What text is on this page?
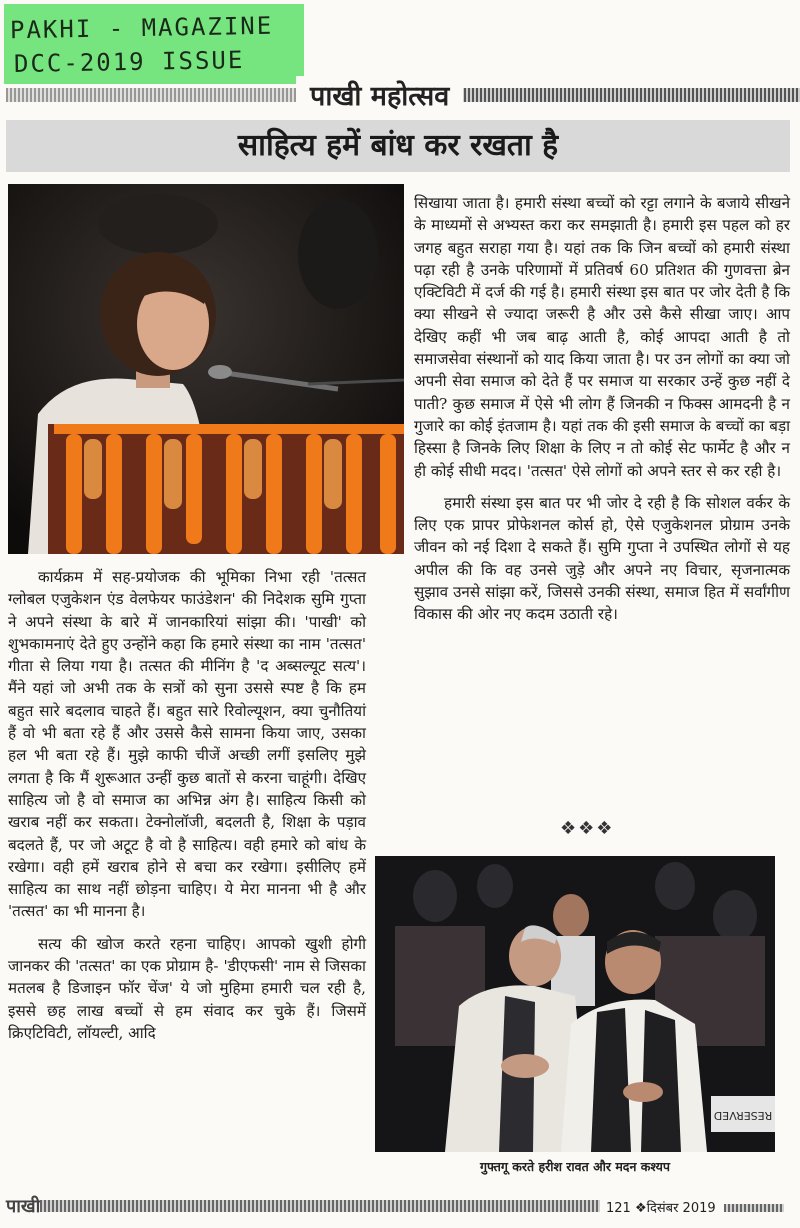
PAKHI - MAGAZINE
DCC-2019 ISSUE
पाखी महोत्सव
साहित्य हमें बांध कर रखता है

सिखाया जाता है। हमारी संस्था बच्चों को रट्टा लगाने के बजाये सीखने के माध्यमों से अभ्यस्त करा कर समझाती है। हमारी इस पहल को हर जगह बहुत सराहा गया है। यहां तक कि जिन बच्चों को हमारी संस्था पढ़ा रही है उनके परिणामों में प्रतिवर्ष 60 प्रतिशत की गुणवत्ता ब्रेन एक्टिविटी में दर्ज की गई है। हमारी संस्था इस बात पर जोर देती है कि क्या सीखने से ज्यादा जरूरी है और उसे कैसे सीखा जाए। आप देखिए कहीं भी जब बाढ़ आती है, कोई आपदा आती है तो समाजसेवा संस्थानों को याद किया जाता है। पर उन लोगों का क्या जो अपनी सेवा समाज को देते हैं पर समाज या सरकार उन्हें कुछ नहीं दे पाती? कुछ समाज में ऐसे भी लोग हैं जिनकी न फिक्स आमदनी है न गुजारे का कोई इंतजाम है। यहां तक की इसी समाज के बच्चों का बड़ा हिस्सा है जिनके लिए शिक्षा के लिए न तो कोई सेट फार्मेट है और न ही कोई सीधी मदद। 'तत्सत' ऐसे लोगों को अपने स्तर से कर रही है।

हमारी संस्था इस बात पर भी जोर दे रही है कि सोशल वर्कर के लिए एक प्रापर प्रोफेशनल कोर्स हो, ऐसे एजुकेशनल प्रोग्राम उनके जीवन को नई दिशा दे सकते हैं। सुमि गुप्ता ने उपस्थित लोगों से यह अपील की कि वह उनसे जुड़े और अपने नए विचार, सृजनात्मक सुझाव उनसे सांझा करें, जिससे उनकी संस्था, समाज हित में सर्वांगीण विकास की ओर नए कदम उठाती रहे।

❖❖❖

कार्यक्रम में सह-प्रयोजक की भूमिका निभा रही 'तत्सत ग्लोबल एजुकेशन एंड वेलफेयर फाउंडेशन' की निदेशक सुमि गुप्ता ने अपने संस्था के बारे में जानकारियां सांझा की। 'पाखी' को शुभकामनाएं देते हुए उन्होंने कहा कि हमारे संस्था का नाम 'तत्सत' गीता से लिया गया है। तत्सत की मीनिंग है 'द अब्सल्यूट सत्य'। मैंने यहां जो अभी तक के सत्रों को सुना उससे स्पष्ट है कि हम बहुत सारे बदलाव चाहते हैं। बहुत सारे रिवोल्यूशन, क्या चुनौतियां हैं वो भी बता रहे हैं और उससे कैसे सामना किया जाए, उसका हल भी बता रहे हैं। मुझे काफी चीजें अच्छी लगीं इसलिए मुझे लगता है कि मैं शुरूआत उन्हीं कुछ बातों से करना चाहूंगी। देखिए साहित्य जो है वो समाज का अभिन्न अंग है। साहित्य किसी को खराब नहीं कर सकता। टेक्नोलॉजी, बदलती है, शिक्षा के पड़ाव बदलते हैं, पर जो अटूट है वो है साहित्य। वही हमारे को बांध के रखेगा। वही हमें खराब होने से बचा कर रखेगा। इसीलिए हमें साहित्य का साथ नहीं छोड़ना चाहिए। ये मेरा मानना भी है और 'तत्सत' का भी मानना है।

सत्य की खोज करते रहना चाहिए। आपको खुशी होगी जानकर की 'तत्सत' का एक प्रोग्राम है- 'डीएफसी' नाम से जिसका मतलब है डिजाइन फॉर चेंज' ये जो मुहिमा हमारी चल रही है, इससे छह लाख बच्चों से हम संवाद कर चुके हैं। जिसमें क्रिएटिविटी, लॉयल्टी, आदि

RESERVED
गुफ्तगू करते हरीश रावत और मदन कश्यप
पाखी	121 ❖दिसंबर 2019
